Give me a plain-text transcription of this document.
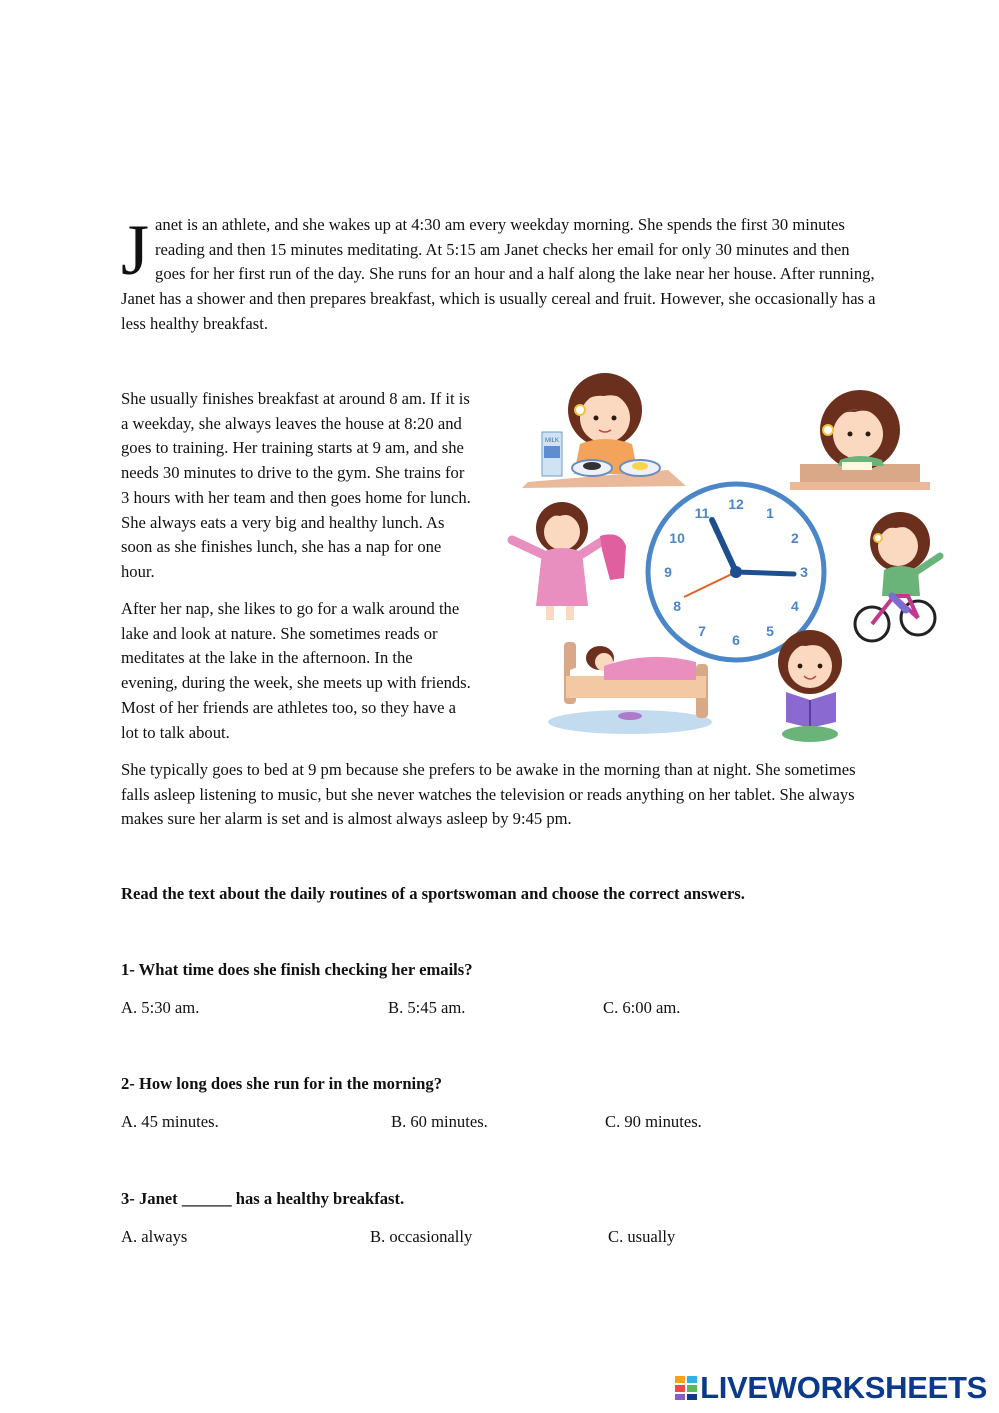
Janet is an athlete, and she wakes up at 4:30 am every weekday morning. She spends the first 30 minutes reading and then 15 minutes meditating. At 5:15 am Janet checks her email for only 30 minutes and then goes for her first run of the day. She runs for an hour and a half along the lake near her house. After running, Janet has a shower and then prepares breakfast, which is usually cereal and fruit. However, she occasionally has a less healthy breakfast.

She usually finishes breakfast at around 8 am. If it is a weekday, she always leaves the house at 8:20 and goes to training. Her training starts at 9 am, and she needs 30 minutes to drive to the gym. She trains for 3 hours with her team and then goes home for lunch. She always eats a very big and healthy lunch. As soon as she finishes lunch, she has a nap for one hour.

After her nap, she likes to go for a walk around the lake and look at nature. She sometimes reads or meditates at the lake in the afternoon. In the evening, during the week, she meets up with friends. Most of her friends are athletes too, so they have a lot to talk about.

MILK
12
1
2
3
4
5
6
7
8
9
10
11

She typically goes to bed at 9 pm because she prefers to be awake in the morning than at night. She sometimes falls asleep listening to music, but she never watches the television or reads anything on her tablet. She always makes sure her alarm is set and is almost always asleep by 9:45 pm.

Read the text about the daily routines of a sportswoman and choose the correct answers.
1- What time does she finish checking her emails?
A. 5:30 am.	B. 5:45 am.	C. 6:00 am.
2- How long does she run for in the morning?
A. 45 minutes.	B. 60 minutes.	C. 90 minutes.
3- Janet ______ has a healthy breakfast.
A. always	B. occasionally	C. usually
LIVEWORKSHEETS
